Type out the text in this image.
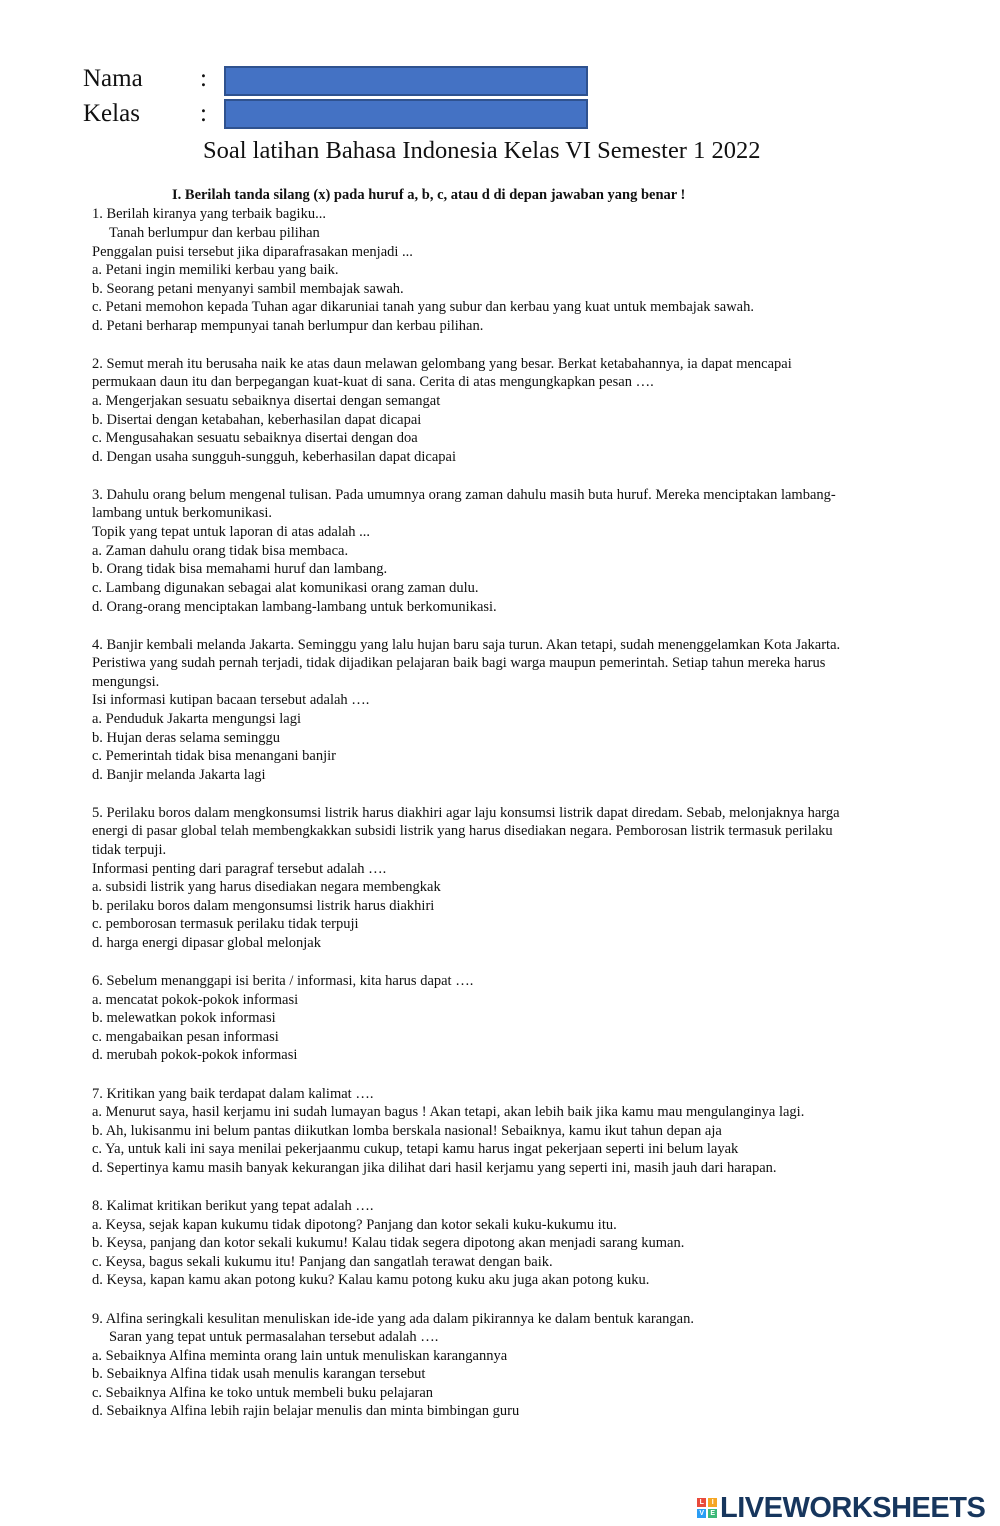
Nama :
Kelas :
Soal latihan Bahasa Indonesia Kelas VI Semester 1 2022
I. Berilah tanda silang (x) pada huruf a, b, c, atau d di depan jawaban yang benar !
1. Berilah kiranya yang terbaik bagiku...
Tanah berlumpur dan kerbau pilihan
Penggalan puisi tersebut jika diparafrasakan menjadi ...
a. Petani ingin memiliki kerbau yang baik.
b. Seorang petani menyanyi sambil membajak sawah.
c. Petani memohon kepada Tuhan agar dikaruniai tanah yang subur dan kerbau yang kuat untuk membajak sawah.
d. Petani berharap mempunyai tanah berlumpur dan kerbau pilihan.
2. Semut merah itu berusaha naik ke atas daun melawan gelombang yang besar. Berkat ketabahannya, ia dapat mencapai
permukaan daun itu dan berpegangan kuat-kuat di sana. Cerita di atas mengungkapkan pesan ….
a. Mengerjakan sesuatu sebaiknya disertai dengan semangat
b. Disertai dengan ketabahan, keberhasilan dapat dicapai
c. Mengusahakan sesuatu sebaiknya disertai dengan doa
d. Dengan usaha sungguh-sungguh, keberhasilan dapat dicapai
3. Dahulu orang belum mengenal tulisan. Pada umumnya orang zaman dahulu masih buta huruf. Mereka menciptakan lambang-
lambang untuk berkomunikasi.
Topik yang tepat untuk laporan di atas adalah ...
a. Zaman dahulu orang tidak bisa membaca.
b. Orang tidak bisa memahami huruf dan lambang.
c. Lambang digunakan sebagai alat komunikasi orang zaman dulu.
d. Orang-orang menciptakan lambang-lambang untuk berkomunikasi.
4. Banjir kembali melanda Jakarta. Seminggu yang lalu hujan baru saja turun. Akan tetapi, sudah menenggelamkan Kota Jakarta.
Peristiwa yang sudah pernah terjadi, tidak dijadikan pelajaran baik bagi warga maupun pemerintah. Setiap tahun mereka harus
mengungsi.
Isi informasi kutipan bacaan tersebut adalah ….
a. Penduduk Jakarta mengungsi lagi
b. Hujan deras selama seminggu
c. Pemerintah tidak bisa menangani banjir
d. Banjir melanda Jakarta lagi
5. Perilaku boros dalam mengkonsumsi listrik harus diakhiri agar laju konsumsi listrik dapat diredam. Sebab, melonjaknya harga
energi di pasar global telah membengkakkan subsidi listrik yang harus disediakan negara. Pemborosan listrik termasuk perilaku
tidak terpuji.
Informasi penting dari paragraf tersebut adalah ….
a. subsidi listrik yang harus disediakan negara membengkak
b. perilaku boros dalam mengonsumsi listrik harus diakhiri
c. pemborosan termasuk perilaku tidak terpuji
d. harga energi dipasar global melonjak
6. Sebelum menanggapi isi berita / informasi, kita harus dapat ….
a. mencatat pokok-pokok informasi
b. melewatkan pokok informasi
c. mengabaikan pesan informasi
d. merubah pokok-pokok informasi
7. Kritikan yang baik terdapat dalam kalimat ….
a. Menurut saya, hasil kerjamu ini sudah lumayan bagus ! Akan tetapi, akan lebih baik jika kamu mau mengulanginya lagi.
b. Ah, lukisanmu ini belum pantas diikutkan lomba berskala nasional! Sebaiknya, kamu ikut tahun depan aja
c. Ya, untuk kali ini saya menilai pekerjaanmu cukup, tetapi kamu harus ingat pekerjaan seperti ini belum layak
d. Sepertinya kamu masih banyak kekurangan jika dilihat dari hasil kerjamu yang seperti ini, masih jauh dari harapan.
8. Kalimat kritikan berikut yang tepat adalah ….
a. Keysa, sejak kapan kukumu tidak dipotong? Panjang dan kotor sekali kuku-kukumu itu.
b. Keysa, panjang dan kotor sekali kukumu! Kalau tidak segera dipotong akan menjadi sarang kuman.
c. Keysa, bagus sekali kukumu itu! Panjang dan sangatlah terawat dengan baik.
d. Keysa, kapan kamu akan potong kuku? Kalau kamu potong kuku aku juga akan potong kuku.
9. Alfina seringkali kesulitan menuliskan ide-ide yang ada dalam pikirannya ke dalam bentuk karangan.
Saran yang tepat untuk permasalahan tersebut adalah ….
a. Sebaiknya Alfina meminta orang lain untuk menuliskan karangannya
b. Sebaiknya Alfina tidak usah menulis karangan tersebut
c. Sebaiknya Alfina ke toko untuk membeli buku pelajaran
d. Sebaiknya Alfina lebih rajin belajar menulis dan minta bimbingan guru
L	I
V E LIVEWORKSHEETS
